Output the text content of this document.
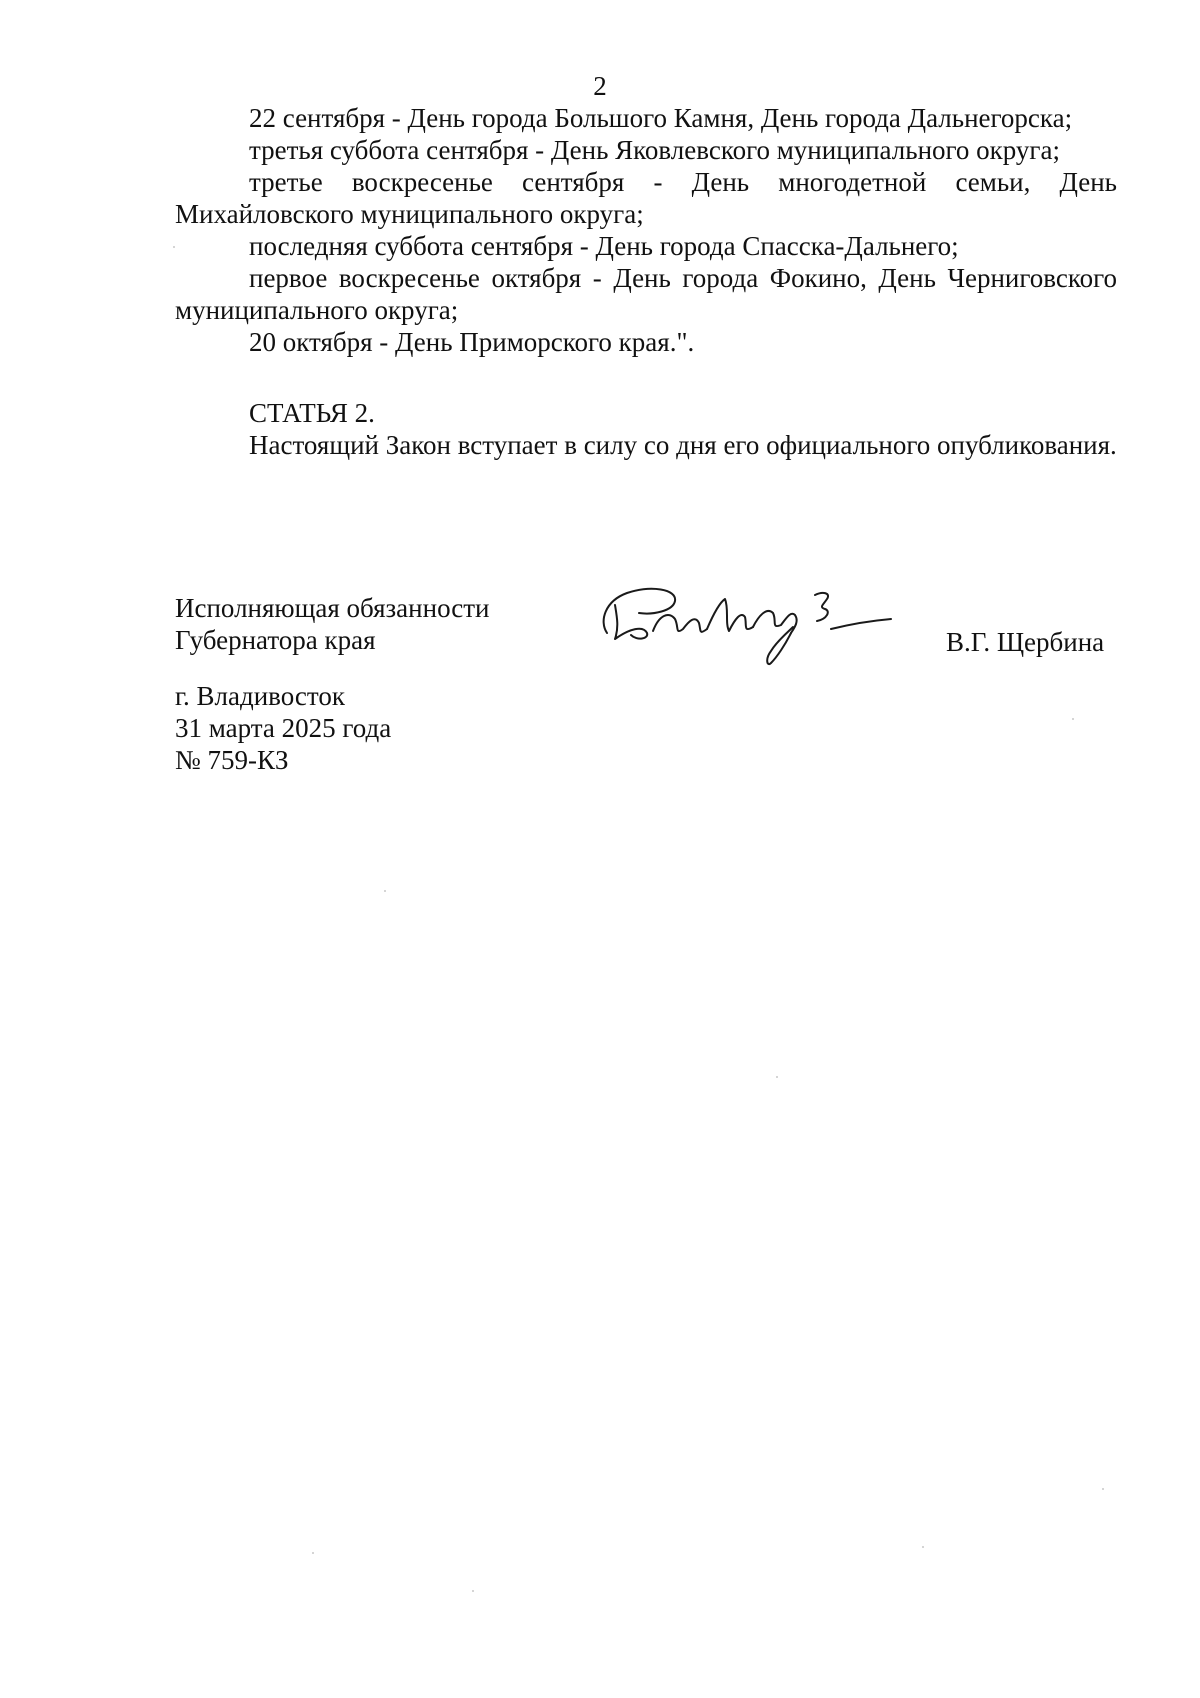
2

22 сентября - День города Большого Камня, День города Дальнегорска;

третья суббота сентября - День Яковлевского муниципального округа;

третье воскресенье сентября - День многодетной семьи, День Михайловского муниципального округа;

последняя суббота сентября - День города Спасска-Дальнего;

первое воскресенье октября - День города Фокино, День Черниговского муниципального округа;

20 октября - День Приморского края.".

СТАТЬЯ 2.

Настоящий Закон вступает в силу со дня его официального опубликования.

Исполняющая обязанности
Губернатора края	В.Г. Щербина
г. Владивосток
31 марта 2025 года
№ 759-КЗ
